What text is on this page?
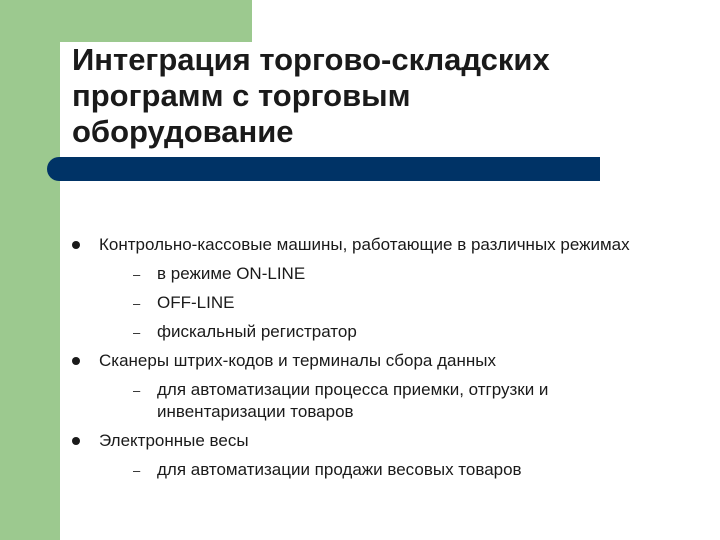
Интеграция торгово-складских программ с торговым оборудование
Контрольно-кассовые машины, работающие в различных режимах
– в режиме ON-LINE
– OFF-LINE
– фискальный регистратор
Сканеры штрих-кодов и терминалы сбора данных
– для автоматизации процесса приемки, отгрузки и инвентаризации товаров
Электронные весы
– для автоматизации продажи весовых товаров
